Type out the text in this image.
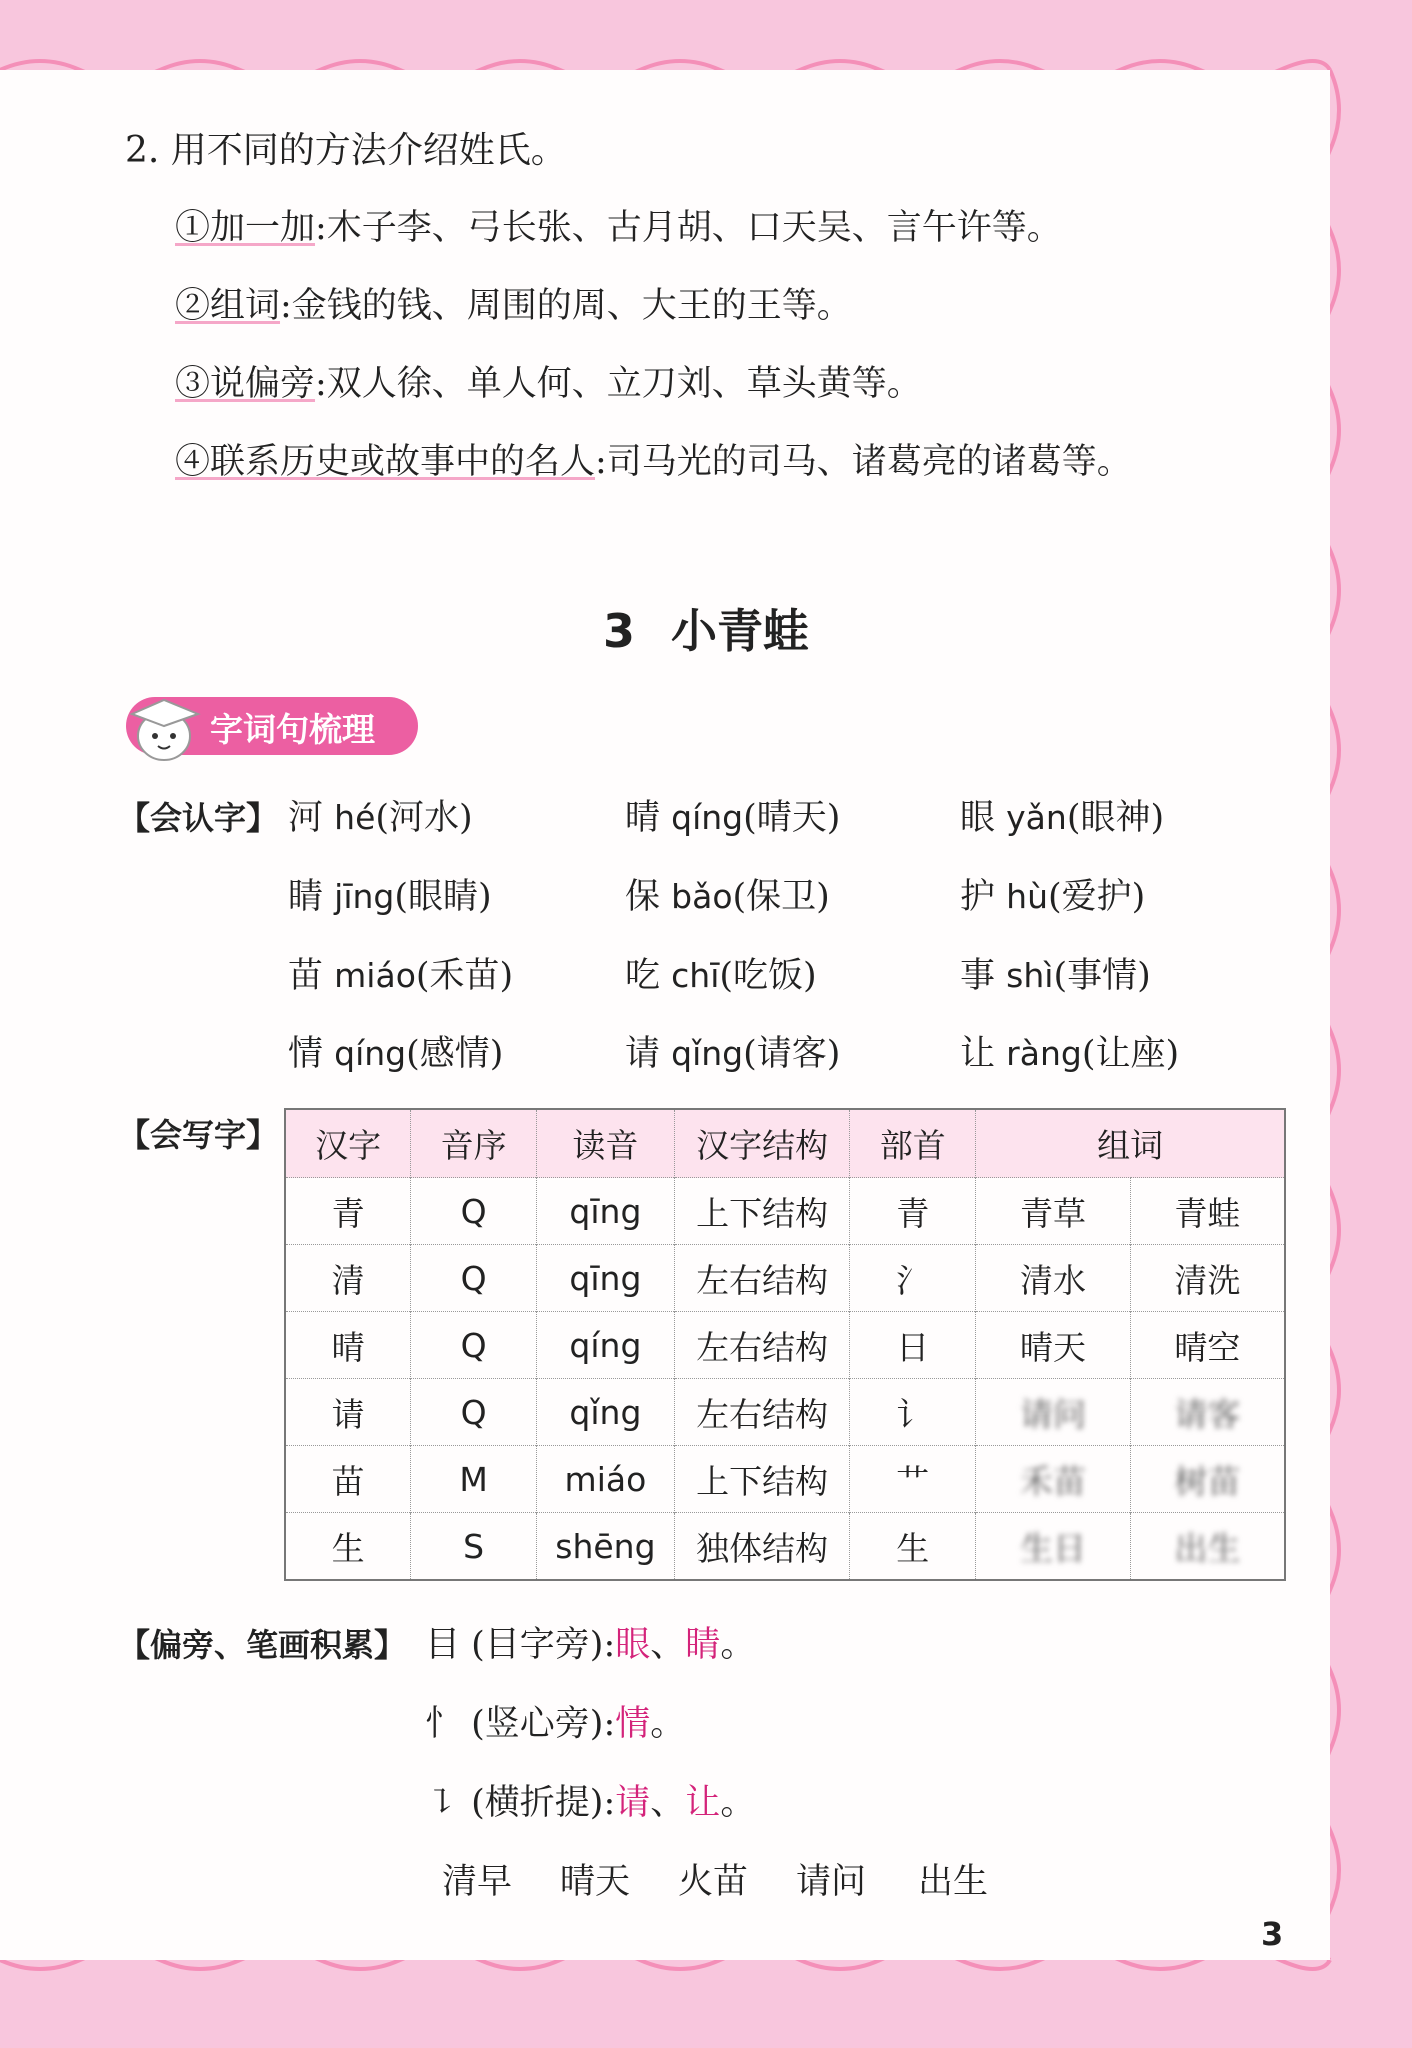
2. 用不同的方法介绍姓氏。
①加一加:木子李、弓长张、古月胡、口天吴、言午许等。
②组词:金钱的钱、周围的周、大王的王等。
③说偏旁:双人徐、单人何、立刀刘、草头黄等。
④联系历史或故事中的名人:司马光的司马、诸葛亮的诸葛等。
3 小青蛙
字词句梳理
【会认字】 河 hé(河水)	晴 qíng(晴天)	眼 yǎn(眼神)
睛 jīng(眼睛)	保 bǎo(保卫)	护 hù(爱护)
苗 miáo(禾苗)	吃 chī(吃饭)	事 shì(事情)
情 qíng(感情)	请 qǐng(请客)	让 ràng(让座)
【会写字】 汉字	音序	读音	汉字结构	部首	组词	
青	Q	qīng	上下结构	青	青草	青蛙
清	Q	qīng	左右结构	氵	清水	清洗
晴	Q	qíng	左右结构	日	晴天	晴空
请	Q	qǐng	左右结构	讠	请问	请客
苗	M	miáo	上下结构	艹	禾苗	树苗
生	S	shēng	独体结构	生	生日	出生
【偏旁、笔画积累】 目 (目字旁):眼、睛。
忄 (竖心旁):情。
㇊ (横折提):请、让。
清早 晴天 火苗 请问 出生
3
